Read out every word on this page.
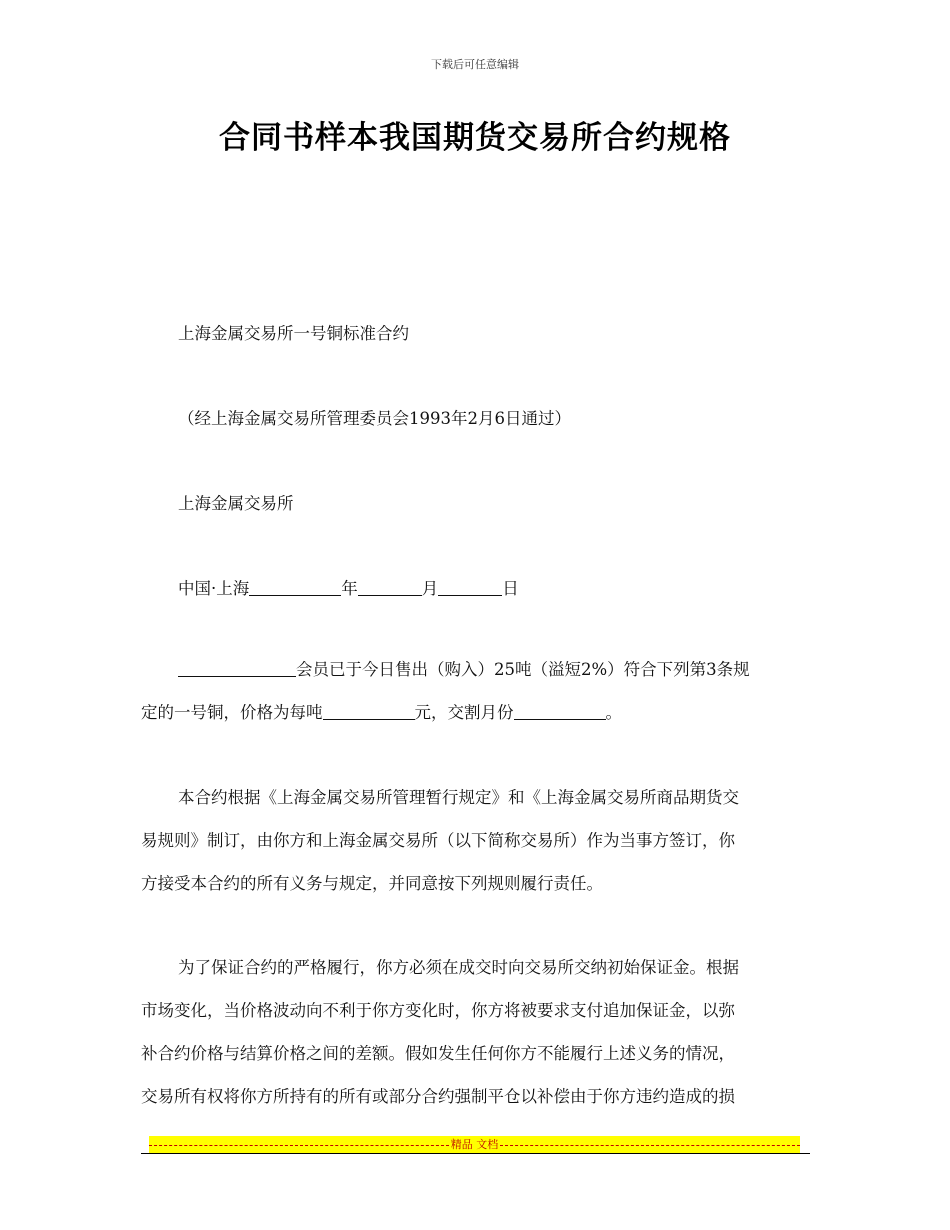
下载后可任意编辑
合同书样本我国期货交易所合约规格
上海金属交易所一号铜标准合约
（经上海金属交易所管理委员会1993年2月6日通过）
上海金属交易所
中国·上海	年	月	日

会员已于今日售出（购入）25吨（溢短2%）符合下列第3条规

定的一号铜，价格为每吨	元，交割月份	。

本合约根据《上海金属交易所管理暂行规定》和《上海金属交易所商品期货交

易规则》制订，由你方和上海金属交易所（以下简称交易所）作为当事方签订，你

方接受本合约的所有义务与规定，并同意按下列规则履行责任。

为了保证合约的严格履行，你方必须在成交时向交易所交纳初始保证金。根据

市场变化，当价格波动向不利于你方变化时，你方将被要求支付追加保证金，以弥

补合约价格与结算价格之间的差额。假如发生任何你方不能履行上述义务的情况，

交易所有权将你方所持有的所有或部分合约强制平仓以补偿由于你方违约造成的损

精品 文档
